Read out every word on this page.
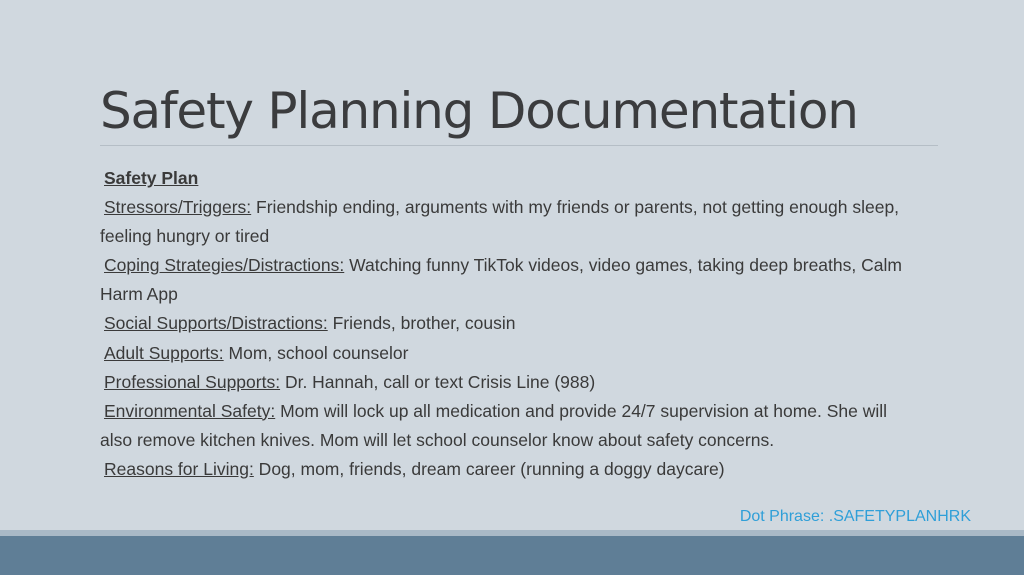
Safety Planning Documentation

Safety Plan

Stressors/Triggers: Friendship ending, arguments with my friends or parents, not getting enough sleep, feeling hungry or tired

Coping Strategies/Distractions: Watching funny TikTok videos, video games, taking deep breaths, Calm Harm App

Social Supports/Distractions: Friends, brother, cousin

Adult Supports: Mom, school counselor

Professional Supports: Dr. Hannah, call or text Crisis Line (988)

Environmental Safety: Mom will lock up all medication and provide 24/7 supervision at home. She will also remove kitchen knives. Mom will let school counselor know about safety concerns.

Reasons for Living: Dog, mom, friends, dream career (running a doggy daycare)

Dot Phrase: .SAFETYPLANHRK
